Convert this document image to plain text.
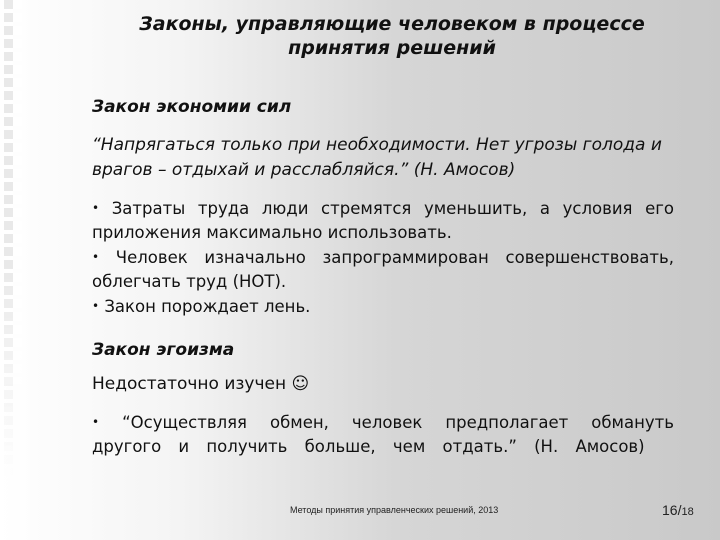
Законы, управляющие человеком в процессе принятия решений
Закон экономии сил

“Напрягаться только при необходимости. Нет угрозы голода и врагов – отдыхай и расслабляйся.” (Н. Амосов)

• Затраты труда люди стремятся уменьшить, а условия его приложения максимально использовать.
• Человек изначально запрограммирован совершенствовать, облегчать труд (НОТ).
• Закон порождает лень.
Закон эгоизма

Недостаточно изучен ☺

• “Осуществляя обмен, человек предполагает обмануть другого и получить больше, чем отдать.” (Н. Амосов)
Методы принятия управленческих решений, 2013	16/18
